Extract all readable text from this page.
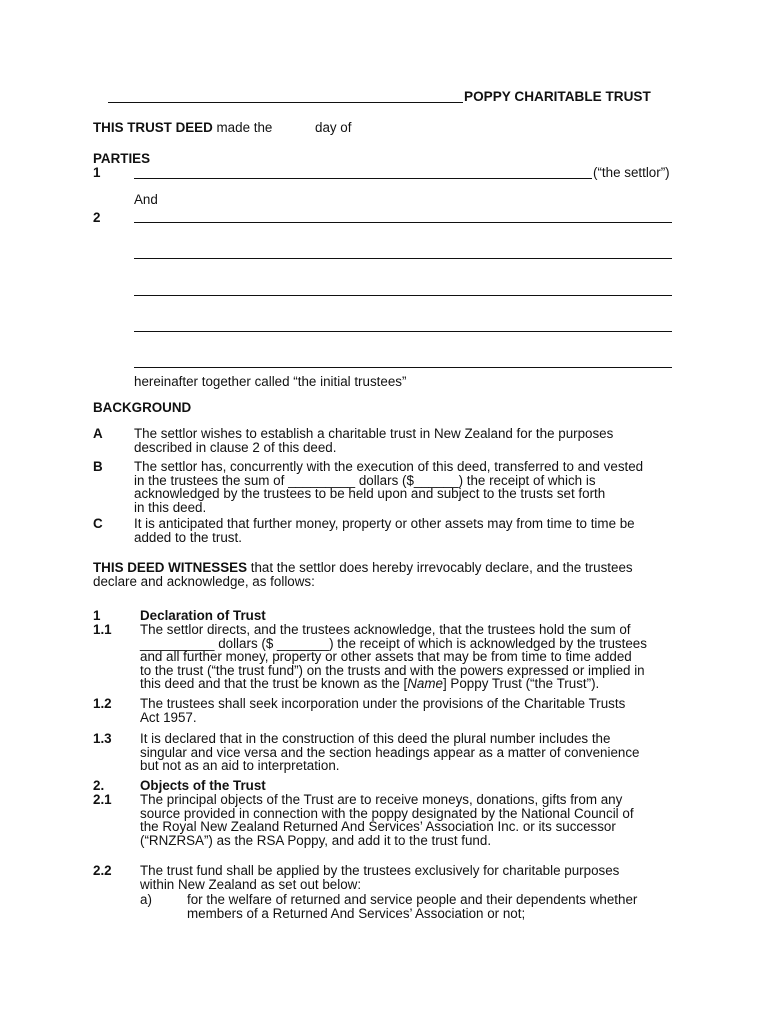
POPPY CHARITABLE TRUST
THIS TRUST DEED made the	day of
PARTIES
1	(“the settlor”)
And
2
hereinafter together called “the initial trustees”
BACKGROUND
A The settlor wishes to establish a charitable trust in New Zealand for the purposes
described in clause 2 of this deed.
B The settlor has, concurrently with the execution of this deed, transferred to and vested
in the trustees the sum of _________ dollars ($______) the receipt of which is
acknowledged by the trustees to be held upon and subject to the trusts set forth
in this deed.
C It is anticipated that further money, property or other assets may from time to time be
added to the trust.
THIS DEED WITNESSES that the settlor does hereby irrevocably declare, and the trustees
declare and acknowledge, as follows:
1	Declaration of Trust
1.1 The settlor directs, and the trustees acknowledge, that the trustees hold the sum of
__________ dollars ($ _______) the receipt of which is acknowledged by the trustees
and all further money, property or other assets that may be from time to time added
to the trust (“the trust fund”) on the trusts and with the powers expressed or implied in
this deed and that the trust be known as the [Name] Poppy Trust (“the Trust”).
1.2 The trustees shall seek incorporation under the provisions of the Charitable Trusts
Act 1957.
1.3 It is declared that in the construction of this deed the plural number includes the
singular and vice versa and the section headings appear as a matter of convenience
but not as an aid to interpretation.
2.	Objects of the Trust
2.1 The principal objects of the Trust are to receive moneys, donations, gifts from any
source provided in connection with the poppy designated by the National Council of
the Royal New Zealand Returned And Services’ Association Inc. or its successor
(“RNZRSA”) as the RSA Poppy, and add it to the trust fund.
2.2 The trust fund shall be applied by the trustees exclusively for charitable purposes
within New Zealand as set out below:
a)	for the welfare of returned and service people and their dependents whether
members of a Returned And Services’ Association or not;
